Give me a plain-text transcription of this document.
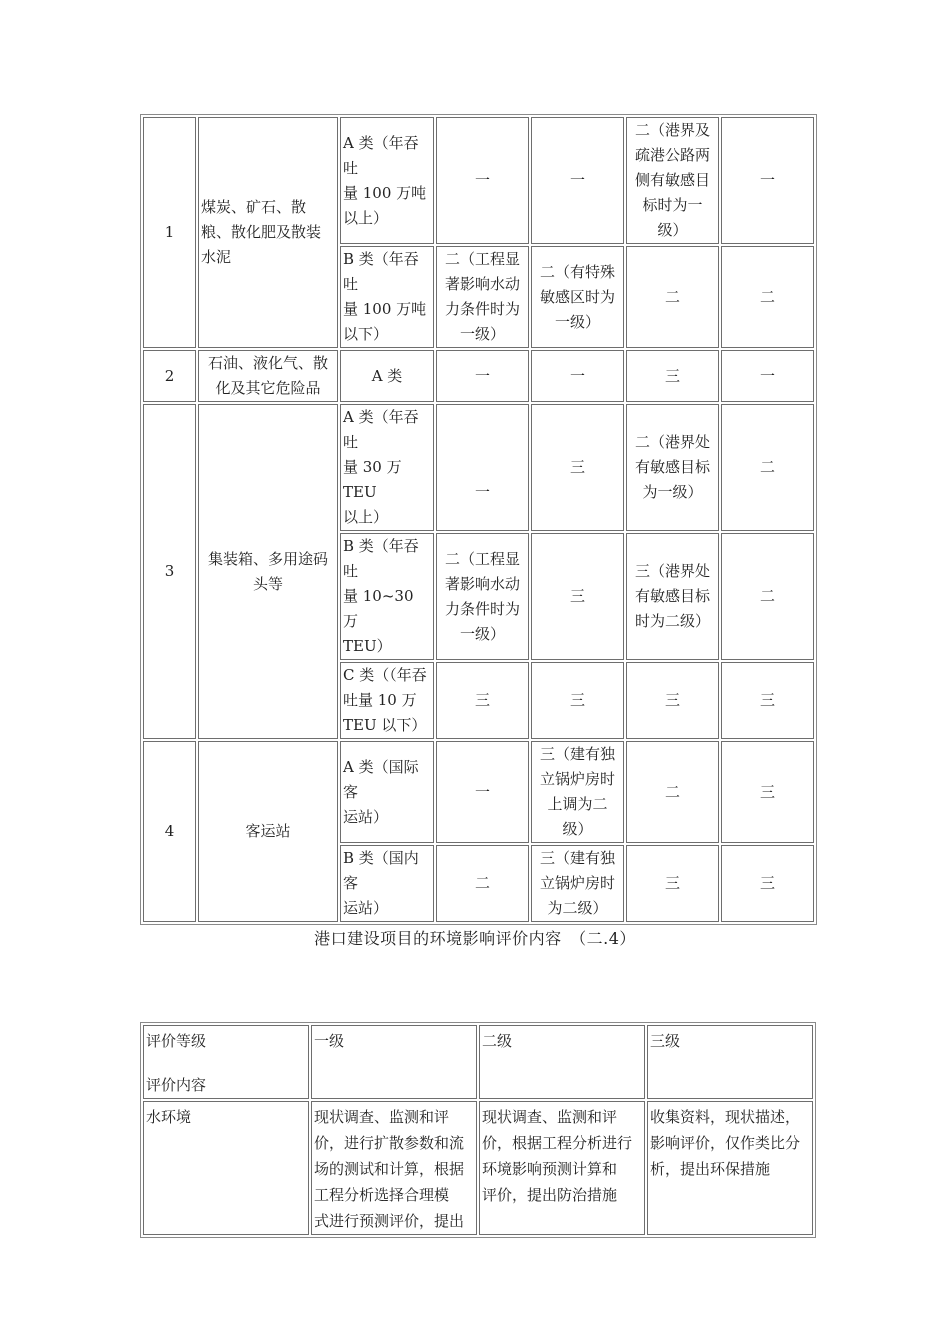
1	煤炭、矿石、散粮、散化肥及散装水泥	A 类（年吞吐
量 100 万吨
以上）	一	一	二（港界及
疏港公路两
侧有敏感目
标时为一
级）	一

		B 类（年吞吐
量 100 万吨
以下）	二（工程显
著影响水动
力条件时为
一级）	二（有特殊
敏感区时为
一级）	二	二

2	石油、液化气、散化及其它危险品	A 类	一	一	三	一

3	集装箱、多用途码头等	A 类（年吞吐
量 30 万 TEU
以上）	一	三	二（港界处
有敏感目标
为一级）	二

		B 类（年吞吐
量 10~30 万
TEU）	二（工程显
著影响水动
力条件时为
一级）	三	三（港界处
有敏感目标
时为二级）	二

		C 类（（年吞
吐量 10 万
TEU 以下）	三	三	三	三

4	客运站	A 类（国际客
运站）	一	三（建有独
立锅炉房时
上调为二
级）	二	三

		B 类（国内客
运站）	二	三（建有独
立锅炉房时
为二级）	三	三
港口建设项目的环境影响评价内容　（二.4）
评价等级
评价内容	一级	二级	三级
水环境	现状调查、监测和评
价，进行扩散参数和流
场的测试和计算，根据
工程分析选择合理模
式进行预测评价，提出	现状调查、监测和评
价，根据工程分析进行
环境影响预测计算和
评价，提出防治措施	收集资料，现状描述，
影响评价，仅作类比分
析，提出环保措施
